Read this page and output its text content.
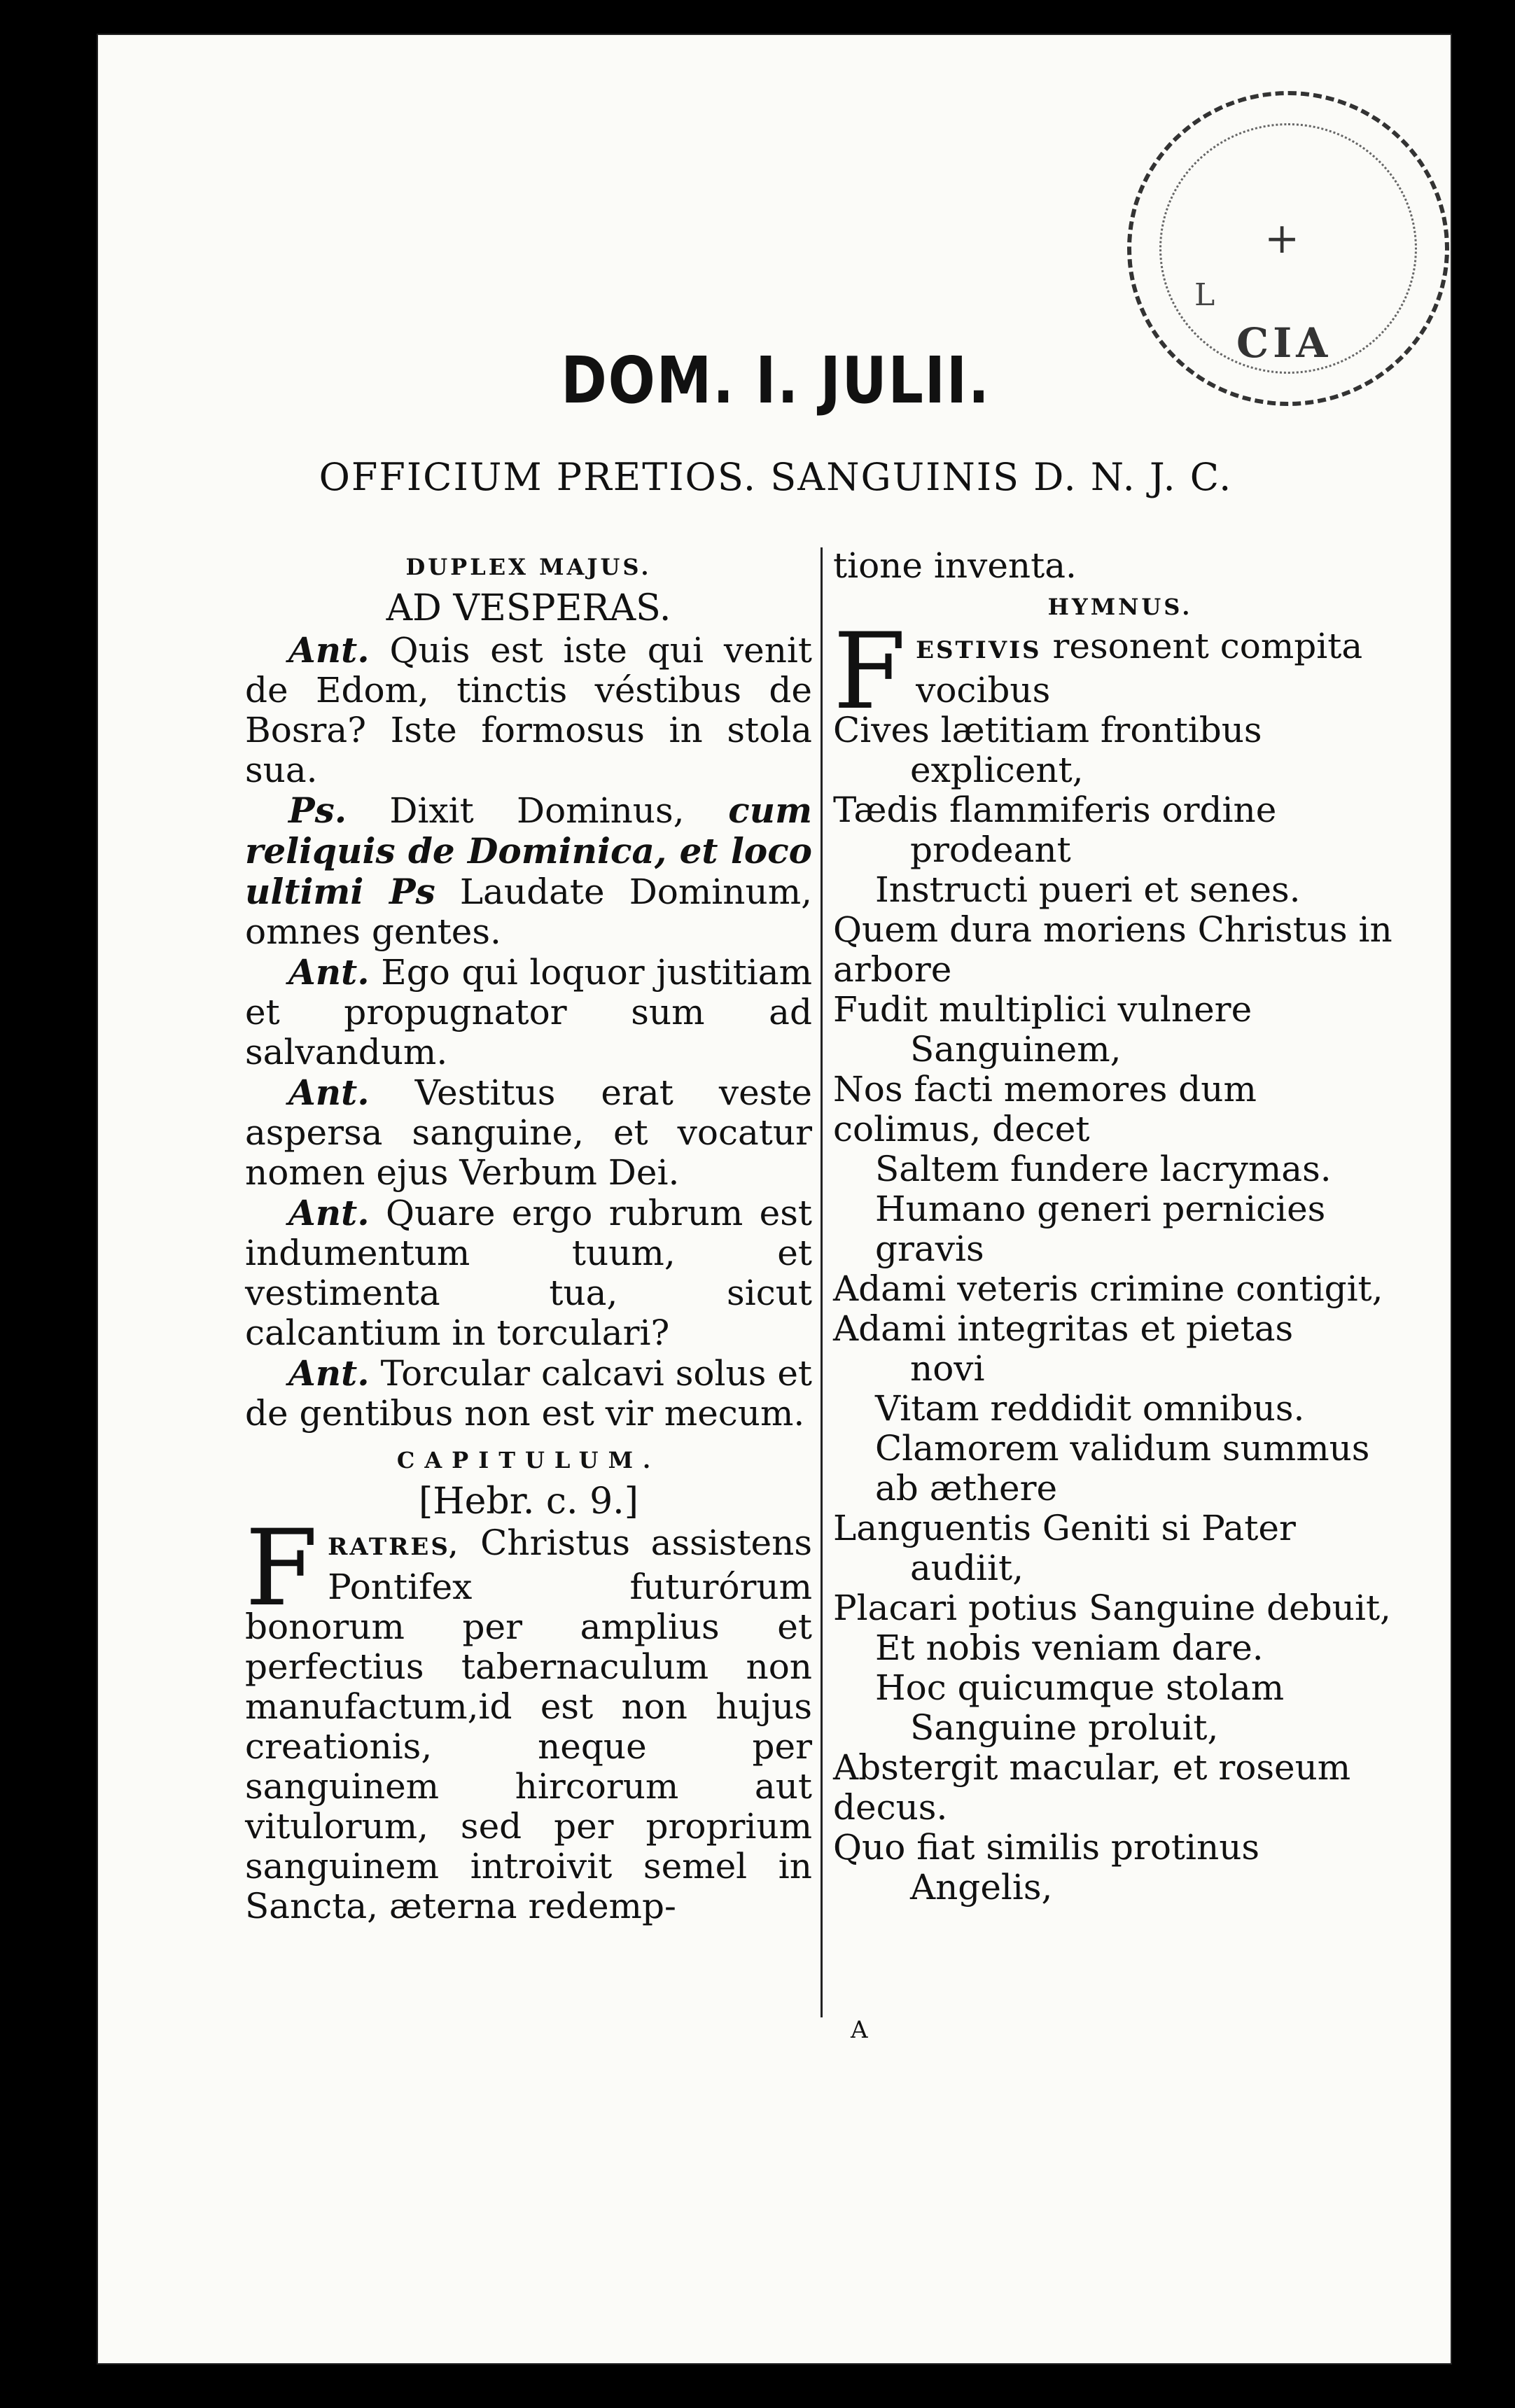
+
L
CIA
DOM. I. JULII.
OFFICIUM PRETIOS. SANGUINIS D. N. J. C.
DUPLEX MAJUS.
AD VESPERAS.

Ant. Quis est iste qui venit de Edom, tinctis véstibus de Bosra? Iste formosus in stola sua.

Ps. Dixit Dominus, cum reliquis de Dominica, et loco ultimi Ps Laudate Dominum, omnes gentes.

Ant. Ego qui loquor justitiam et propugnator sum ad salvandum.

Ant. Vestitus erat veste aspersa sanguine, et vocatur nomen ejus Verbum Dei.

Ant. Quare ergo rubrum est indumentum tuum, et vestimenta tua, sicut calcantium in torculari?

Ant. Torcular calcavi solus et de gentibus non est vir mecum.

CAPITULUM.
[Hebr. c. 9.]

FRATRES, Christus assistens Pontifex futurórum bonorum per amplius et perfectius tabernaculum non manufactum,id est non hujus creationis, neque per sanguinem hircorum aut vitulorum, sed per proprium sanguinem introivit semel in Sancta, æterna redemp-

tione inventa.

HYMNUS.

FESTIVIS resonent compita vocibus

Cives lætitiam frontibus

explicent,

Tædis flammiferis ordine

prodeant

Instructi pueri et senes.

Quem dura moriens Christus in arbore

Fudit multiplici vulnere

Sanguinem,

Nos facti memores dum colimus, decet

Saltem fundere lacrymas.

Humano generi pernicies gravis

Adami veteris crimine contigit,

Adami integritas et pietas

novi

Vitam reddidit omnibus.

Clamorem validum summus ab æthere

Languentis Geniti si Pater

audiit,

Placari potius Sanguine debuit,

Et nobis veniam dare.

Hoc quicumque stolam

Sanguine proluit,

Abstergit macular, et roseum decus.

Quo fiat similis protinus

Angelis,

A
